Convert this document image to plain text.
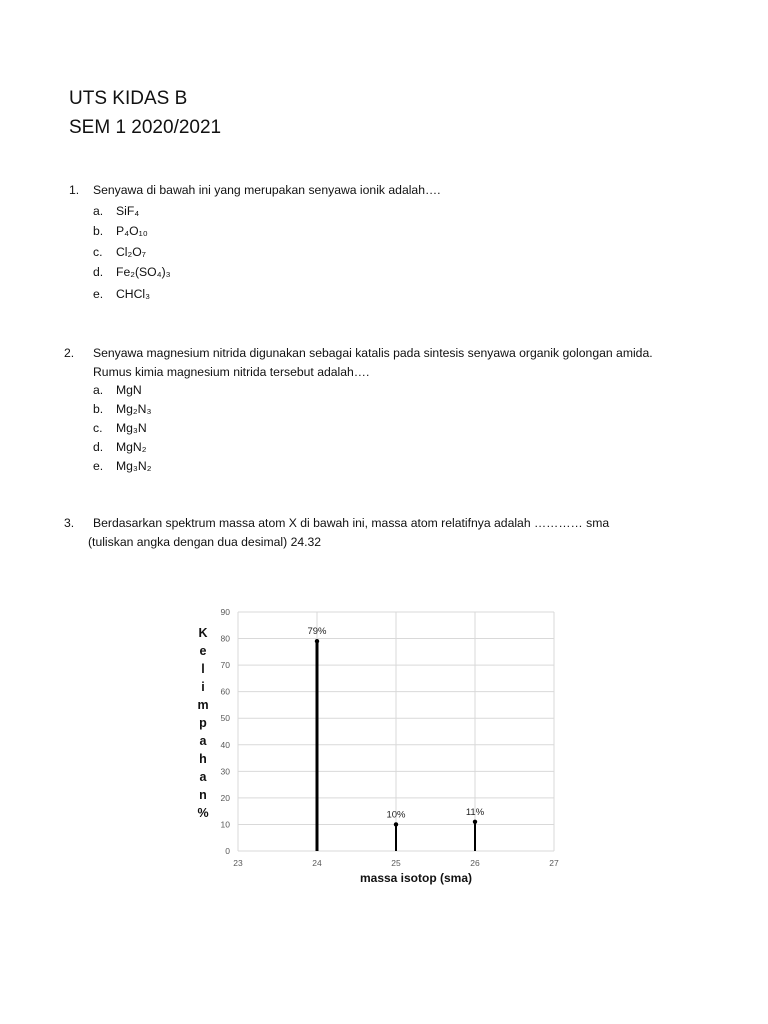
UTS KIDAS B
SEM 1 2020/2021
1. Senyawa di bawah ini yang merupakan senyawa ionik adalah….
a. SiF₄
b. P₄O₁₀
c. Cl₂O₇
d. Fe₂(SO₄)₃
e. CHCl₃
2. Senyawa magnesium nitrida digunakan sebagai katalis pada sintesis senyawa organik golongan amida.
Rumus kimia magnesium nitrida tersebut adalah….
a. MgN
b. Mg₂N₃
c. Mg₃N
d. MgN₂
e. Mg₃N₂
3. Berdasarkan spektrum massa atom X di bawah ini, massa atom relatifnya adalah ………… sma
(tuliskan angka dengan dua desimal) 24.32
K
e
l
i
m
p
a
h
a
n
%
0
10
20
30
40
50
60
70
80
90
23	24	25	26	27
79%
10%	11%
massa isotop (sma)
